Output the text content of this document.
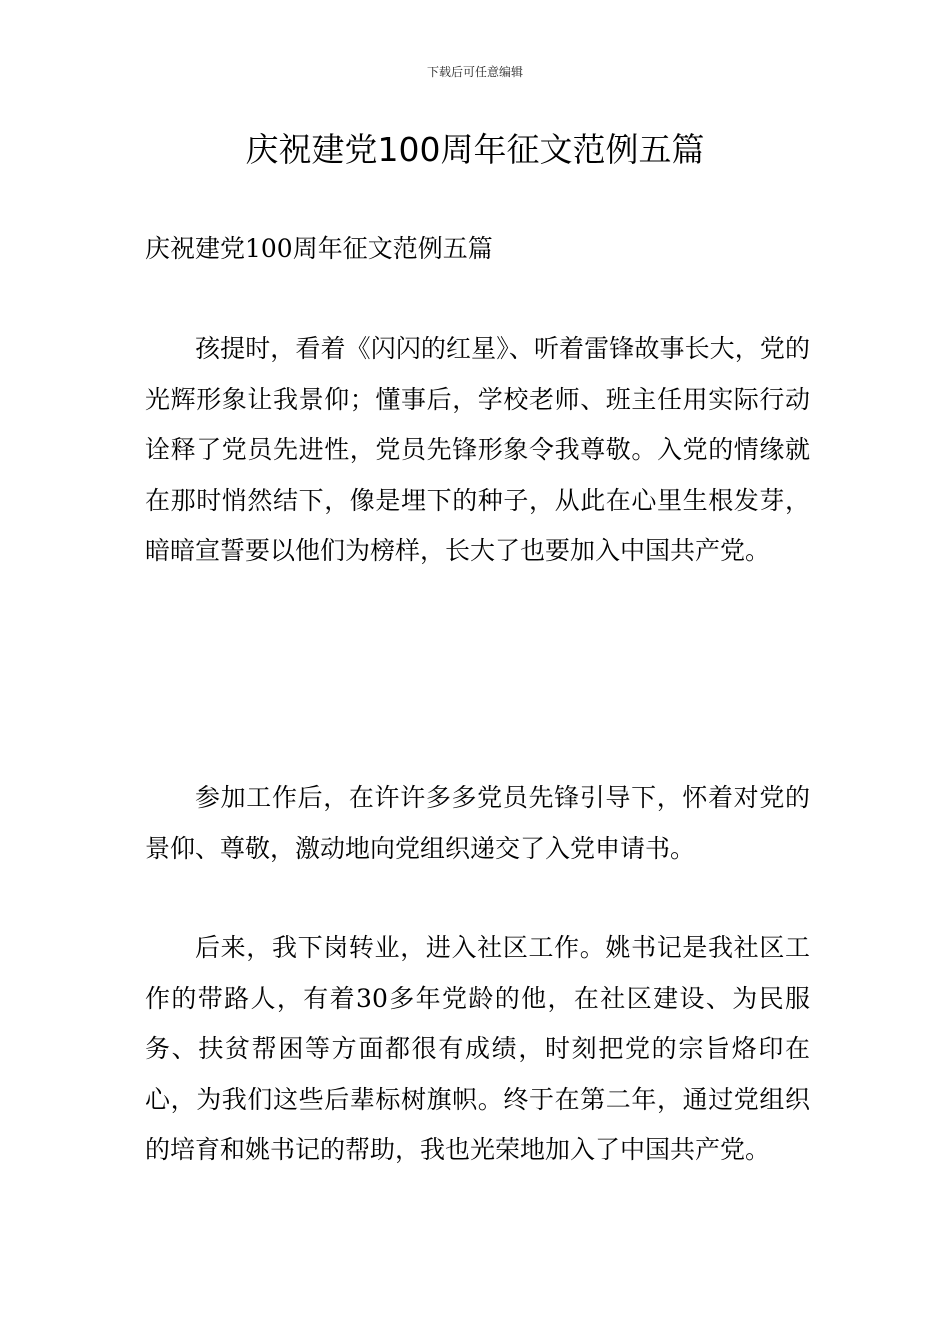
下载后可任意编辑
庆祝建党100周年征文范例五篇

庆祝建党100周年征文范例五篇

孩提时，看着《闪闪的红星》、听着雷锋故事长大，党的光辉形象让我景仰；懂事后，学校老师、班主任用实际行动诠释了党员先进性，党员先锋形象令我尊敬。入党的情缘就在那时悄然结下，像是埋下的种子，从此在心里生根发芽，暗暗宣誓要以他们为榜样，长大了也要加入中国共产党。

参加工作后，在许许多多党员先锋引导下，怀着对党的景仰、尊敬，激动地向党组织递交了入党申请书。

后来，我下岗转业，进入社区工作。姚书记是我社区工作的带路人，有着30多年党龄的他，在社区建设、为民服务、扶贫帮困等方面都很有成绩，时刻把党的宗旨烙印在心，为我们这些后辈标树旗帜。终于在第二年，通过党组织的培育和姚书记的帮助，我也光荣地加入了中国共产党。
